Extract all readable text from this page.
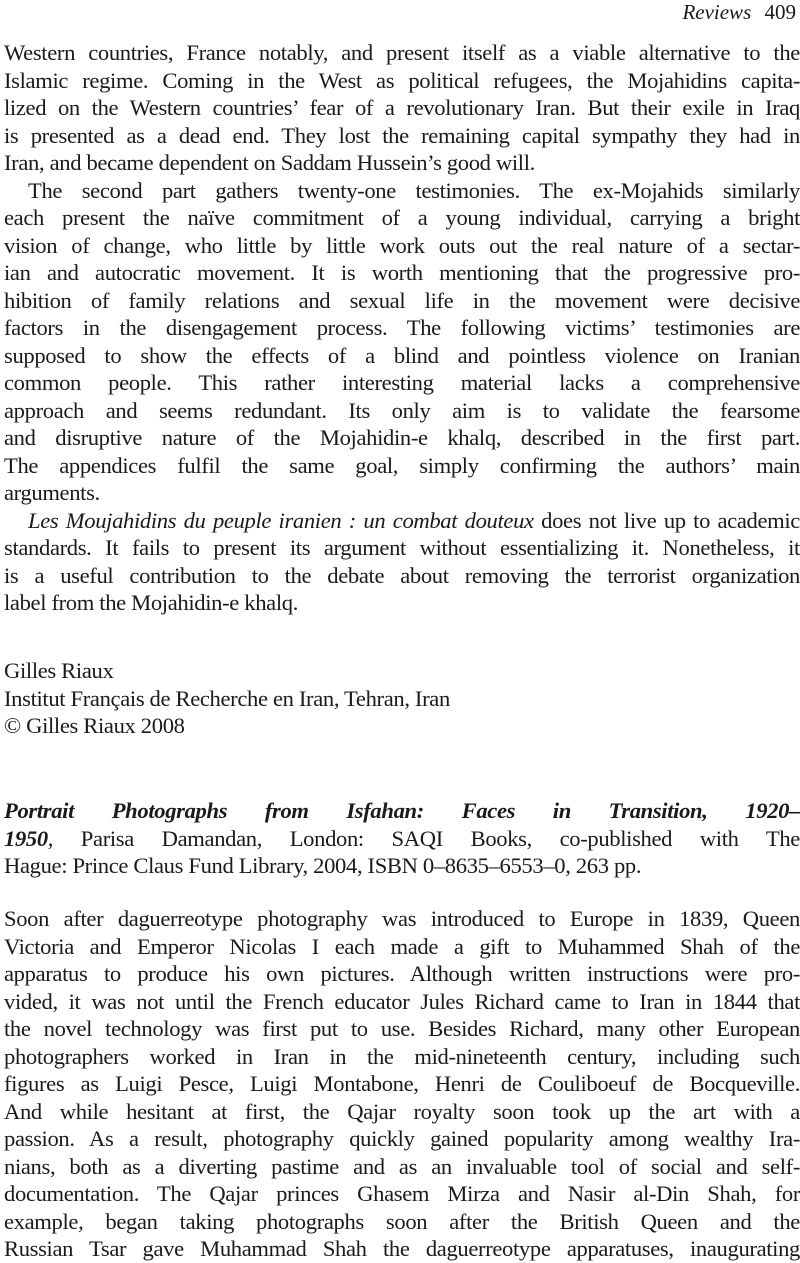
Reviews 409
Western countries, France notably, and present itself as a viable alternative to the
Islamic regime. Coming in the West as political refugees, the Mojahidins capita-
lized on the Western countries’ fear of a revolutionary Iran. But their exile in Iraq
is presented as a dead end. They lost the remaining capital sympathy they had in
Iran, and became dependent on Saddam Hussein’s good will.
The second part gathers twenty-one testimonies. The ex-Mojahids similarly
each present the naïve commitment of a young individual, carrying a bright
vision of change, who little by little work outs out the real nature of a sectar-
ian and autocratic movement. It is worth mentioning that the progressive pro-
hibition of family relations and sexual life in the movement were decisive
factors in the disengagement process. The following victims’ testimonies are
supposed to show the effects of a blind and pointless violence on Iranian
common people. This rather interesting material lacks a comprehensive
approach and seems redundant. Its only aim is to validate the fearsome
and disruptive nature of the Mojahidin-e khalq, described in the first part.
The appendices fulfil the same goal, simply confirming the authors’ main
arguments.
Les Moujahidins du peuple iranien : un combat douteux does not live up to academic
standards. It fails to present its argument without essentializing it. Nonetheless, it
is a useful contribution to the debate about removing the terrorist organization
label from the Mojahidin-e khalq.
Gilles Riaux
Institut Français de Recherche en Iran, Tehran, Iran
© Gilles Riaux 2008
Portrait Photographs from Isfahan: Faces in Transition, 1920–
1950, Parisa Damandan, London: SAQI Books, co-published with The
Hague: Prince Claus Fund Library, 2004, ISBN 0–8635–6553–0, 263 pp.
Soon after daguerreotype photography was introduced to Europe in 1839, Queen
Victoria and Emperor Nicolas I each made a gift to Muhammed Shah of the
apparatus to produce his own pictures. Although written instructions were pro-
vided, it was not until the French educator Jules Richard came to Iran in 1844 that
the novel technology was first put to use. Besides Richard, many other European
photographers worked in Iran in the mid-nineteenth century, including such
figures as Luigi Pesce, Luigi Montabone, Henri de Couliboeuf de Bocqueville.
And while hesitant at first, the Qajar royalty soon took up the art with a
passion. As a result, photography quickly gained popularity among wealthy Ira-
nians, both as a diverting pastime and as an invaluable tool of social and self-
documentation. The Qajar princes Ghasem Mirza and Nasir al-Din Shah, for
example, began taking photographs soon after the British Queen and the
Russian Tsar gave Muhammad Shah the daguerreotype apparatuses, inaugurating
